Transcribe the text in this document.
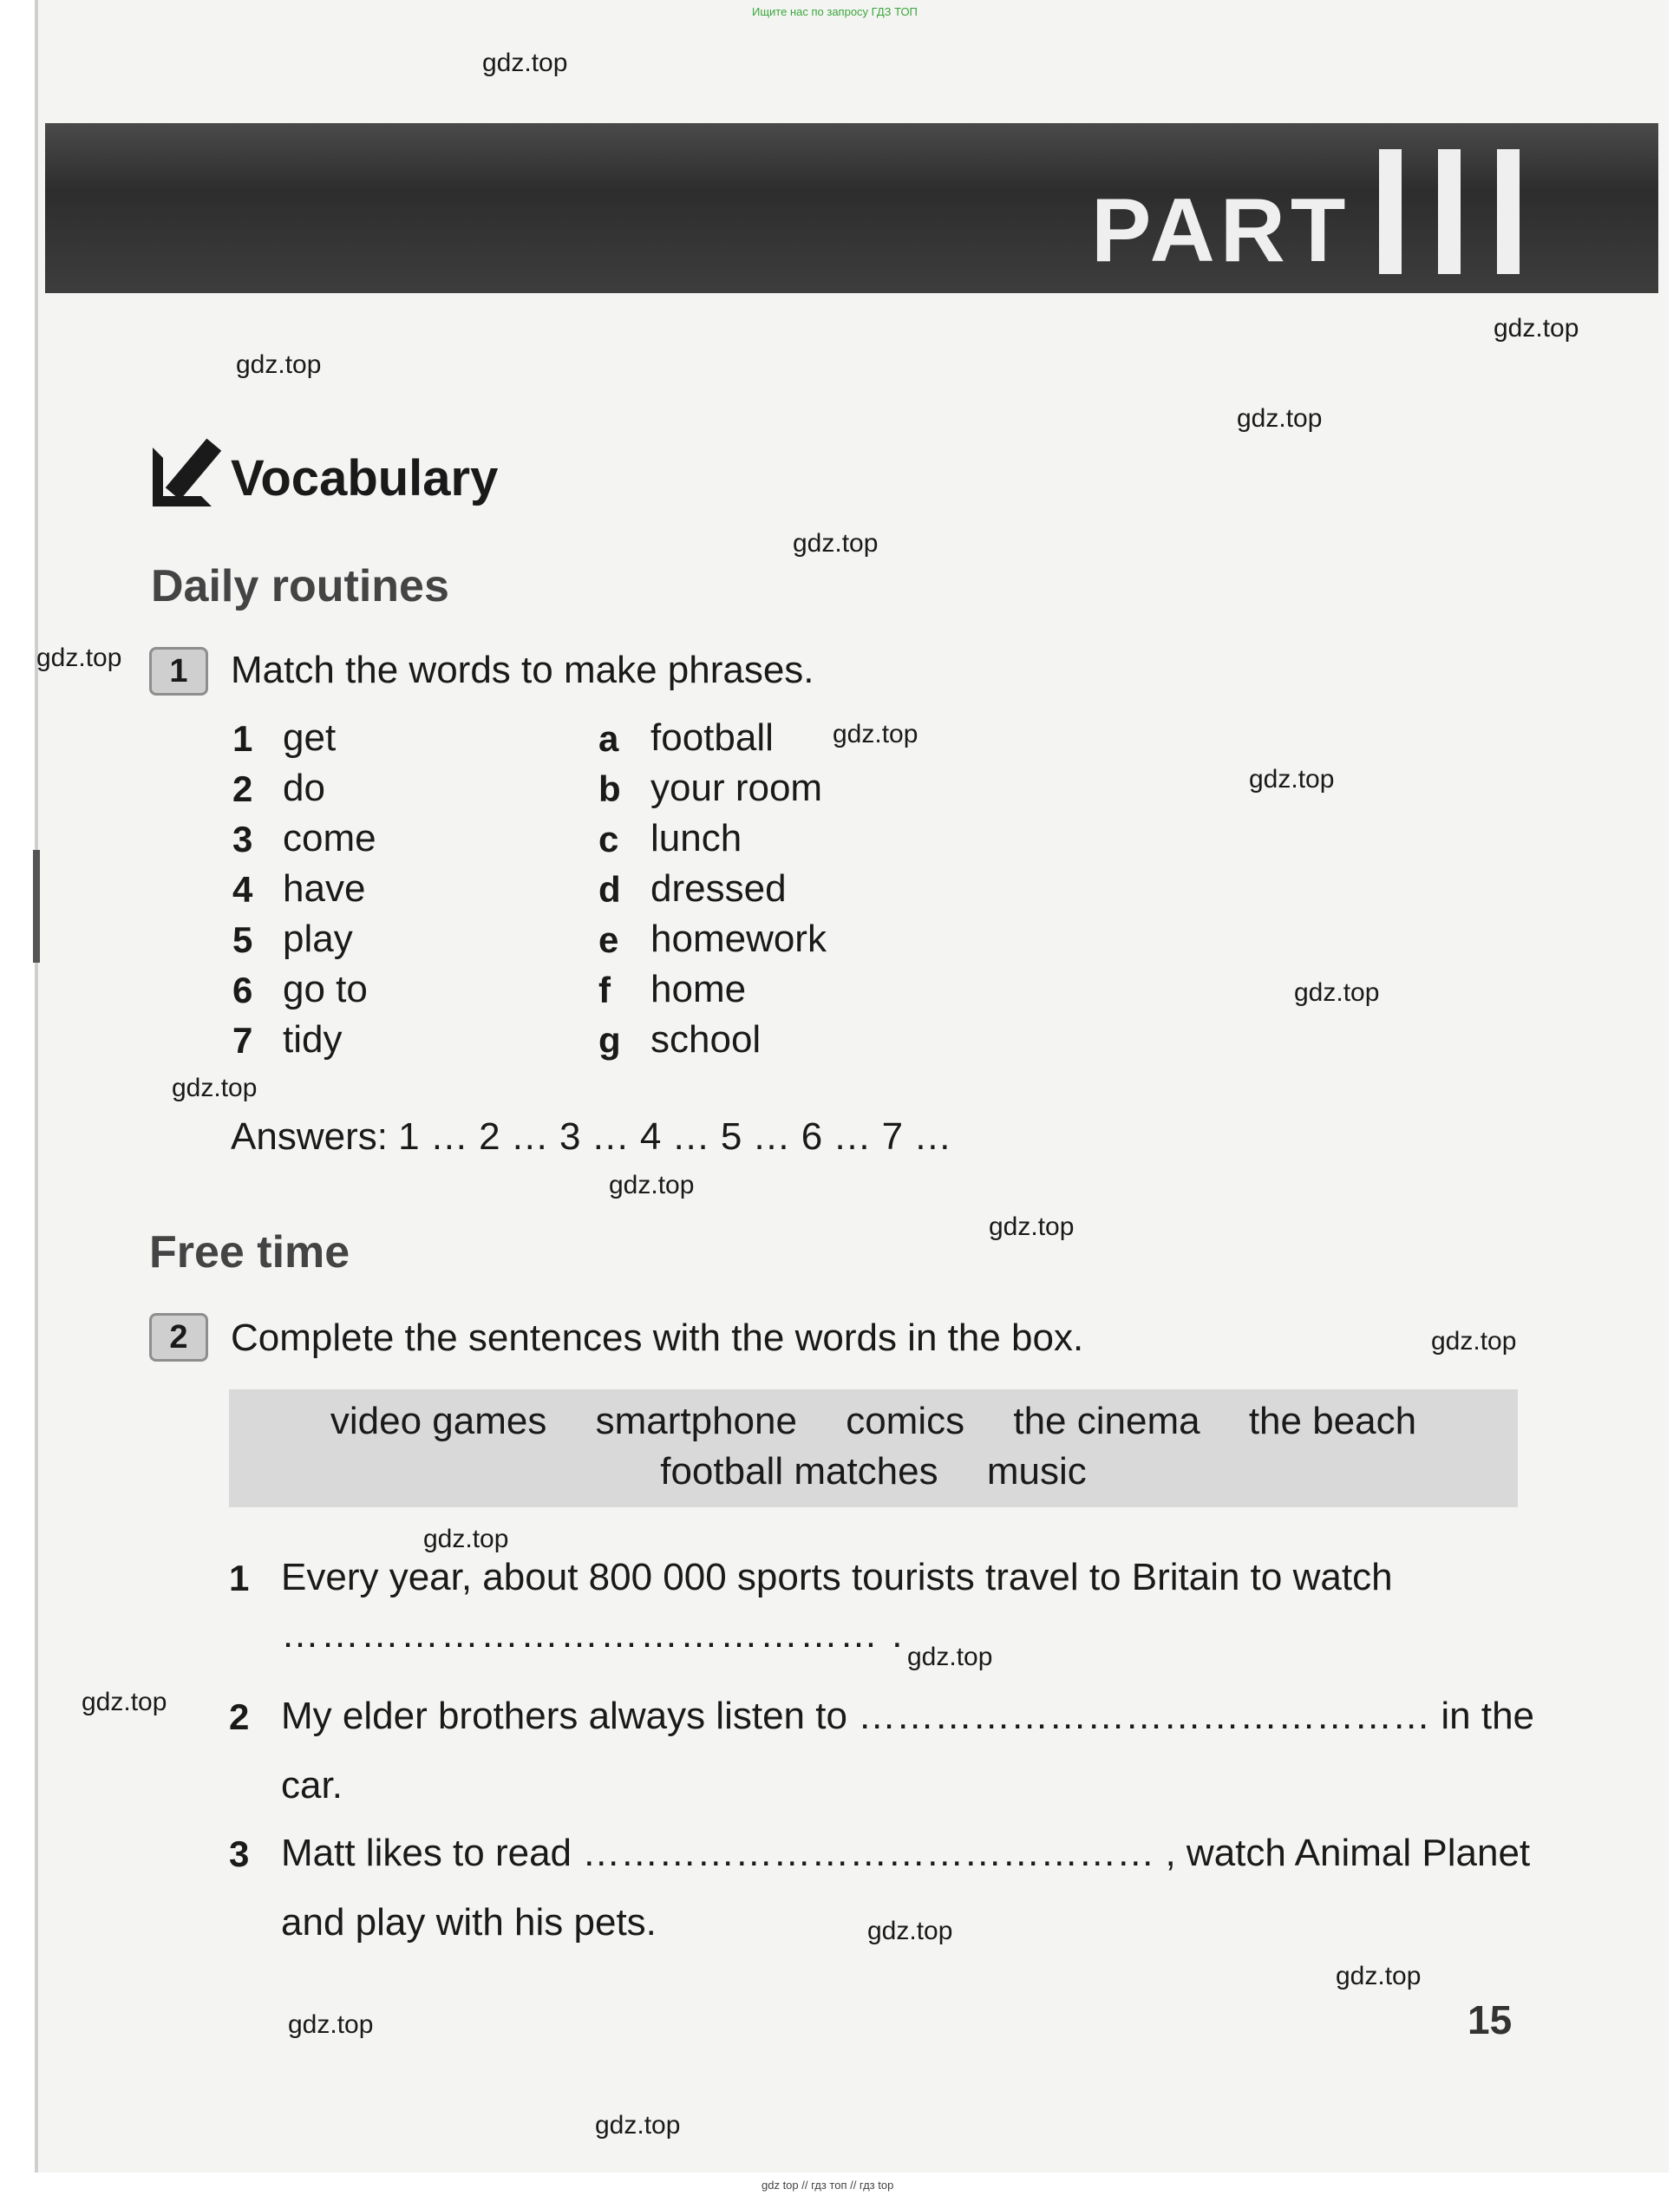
Ищите нас по запросу ГДЗ ТОП
PART
Vocabulary
Daily routines
1	Match the words to make phrases.
1 get
2 do
3 come
4 have
5 play
6 go to
7 tidy
a football
b your room
c lunch
d dressed
e homework
f home
g school
Answers: 1 … 2 … 3 … 4 … 5 … 6 … 7 …
Free time
2	Complete the sentences with the words in the box.
video games smartphone comics the cinema the beach
football matches music
1 Every year, about 800 000 sports tourists travel to Britain to watch
……………………………………… .
2 My elder brothers always listen to ……………………………………… in the
car.
3 Matt likes to read ……………………………………… , watch Animal Planet
and play with his pets.
15
gdz.top
gdz.top
gdz.top
gdz.top
gdz.top
gdz.top
gdz.top
gdz.top
gdz.top
gdz.top
gdz.top
gdz.top
gdz.top
gdz.top
gdz.top
gdz.top
gdz.top
gdz.top
gdz.top
gdz.top
gdz top // гдз топ // гдз top
